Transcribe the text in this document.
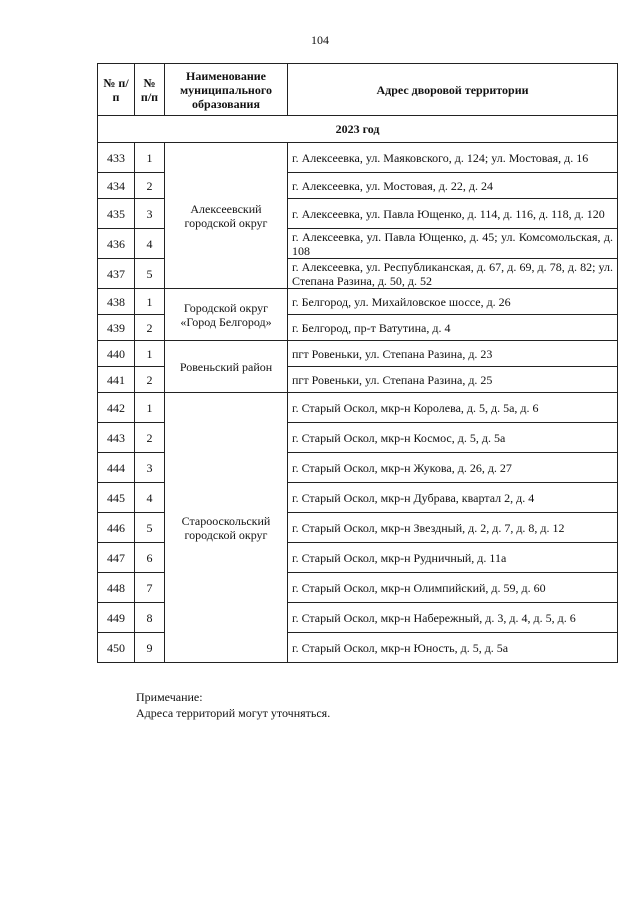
104
№ п/п	№ п/п	Наименование муниципального образования	Адрес дворовой территории
2023 год			
433	1	Алексеевский городской округ	г. Алексеевка, ул. Маяковского, д. 124; ул. Мостовая, д. 16
434	2		г. Алексеевка, ул. Мостовая, д. 22, д. 24
435	3		г. Алексеевка, ул. Павла Ющенко, д. 114, д. 116, д. 118, д. 120
436	4		г. Алексеевка, ул. Павла Ющенко, д. 45; ул. Комсомольская, д. 108
437	5		г. Алексеевка, ул. Республиканская, д. 67, д. 69, д. 78, д. 82; ул. Степана Разина, д. 50, д. 52
438	1	Городской округ «Город Белгород»	г. Белгород, ул. Михайловское шоссе, д. 26
439	2		г. Белгород, пр-т Ватутина, д. 4
440	1	Ровеньский район	пгт Ровеньки, ул. Степана Разина, д. 23
441	2		пгт Ровеньки, ул. Степана Разина, д. 25
442	1	Старооскольский городской округ	г. Старый Оскол, мкр-н Королева, д. 5, д. 5а, д. 6
443	2		г. Старый Оскол, мкр-н Космос, д. 5, д. 5а
444	3		г. Старый Оскол, мкр-н Жукова, д. 26, д. 27
445	4		г. Старый Оскол, мкр-н Дубрава, квартал 2, д. 4
446	5		г. Старый Оскол, мкр-н Звездный, д. 2, д. 7, д. 8, д. 12
447	6		г. Старый Оскол, мкр-н Рудничный, д. 11а
448	7		г. Старый Оскол, мкр-н Олимпийский, д. 59, д. 60
449	8		г. Старый Оскол, мкр-н Набережный, д. 3, д. 4, д. 5, д. 6
450	9		г. Старый Оскол, мкр-н Юность, д. 5, д. 5а
Примечание:
Адреса территорий могут уточняться.
